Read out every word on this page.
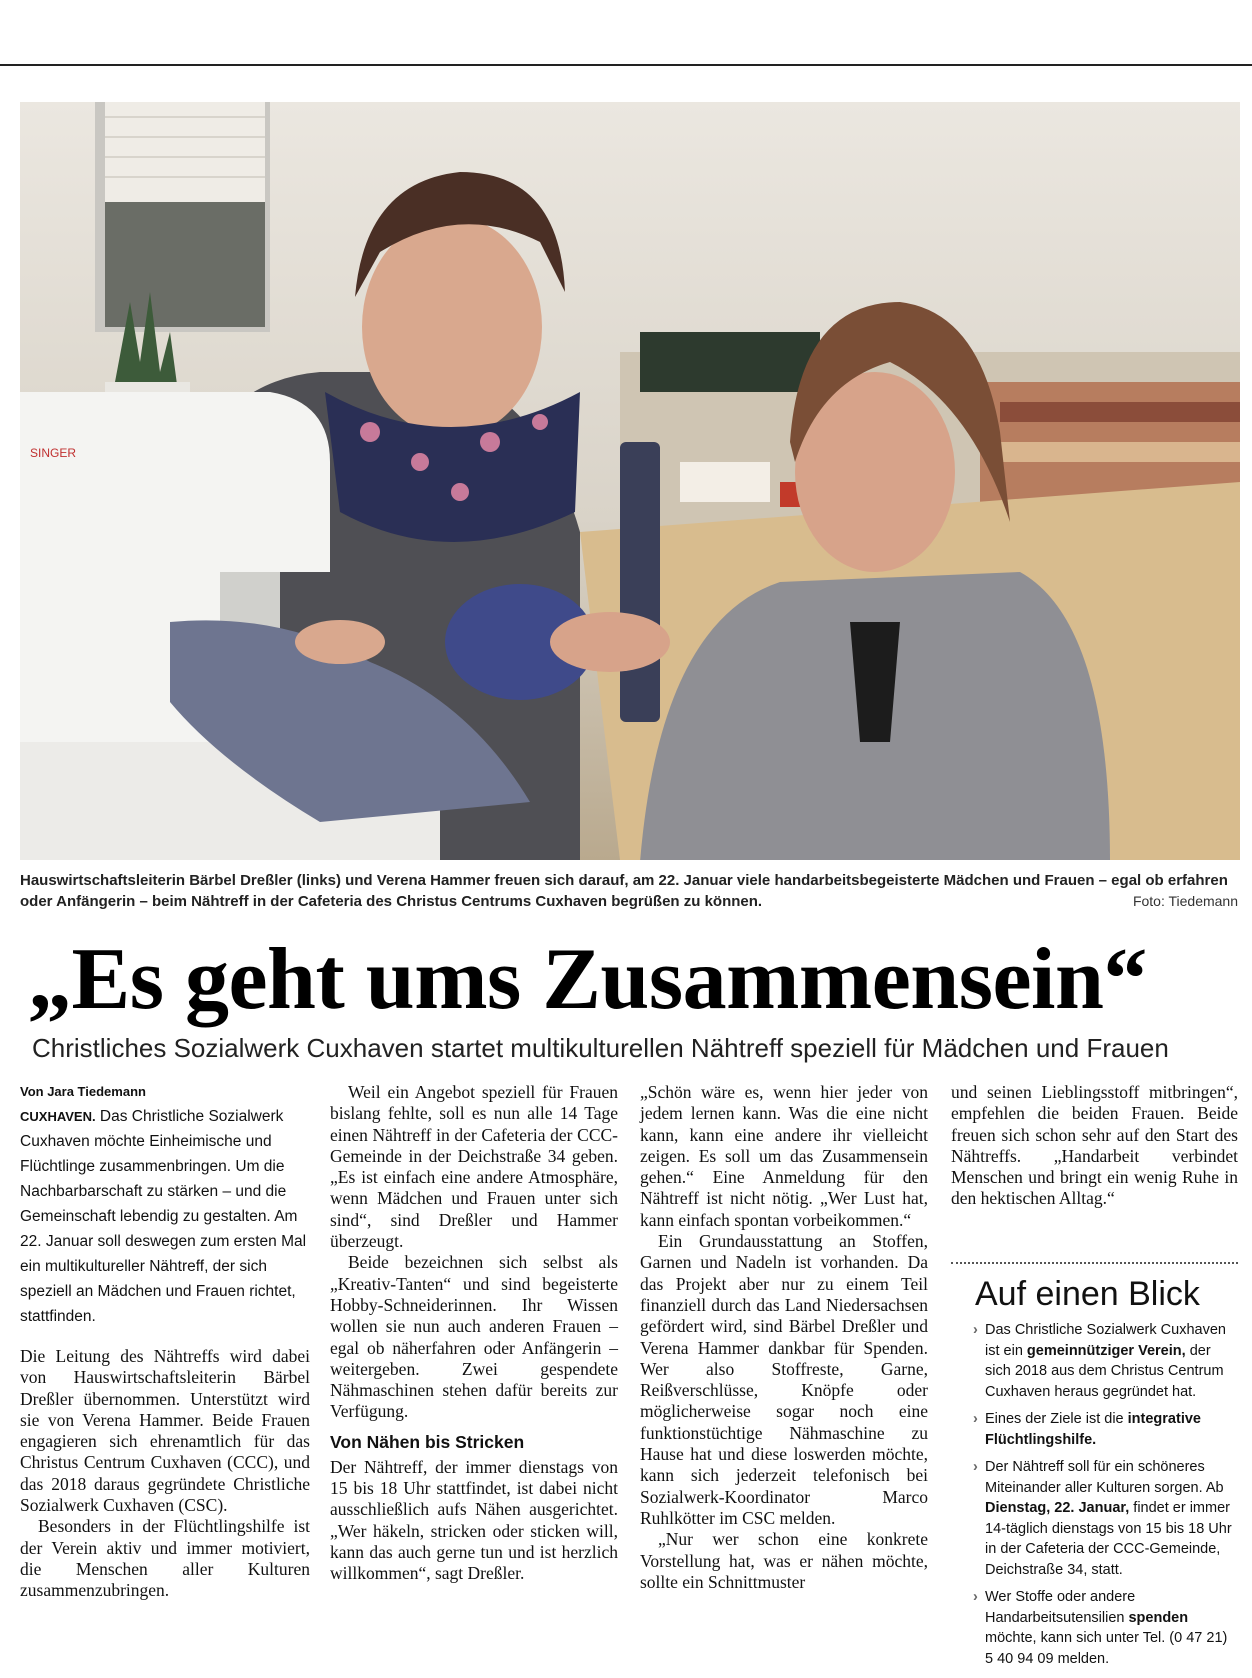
SINGER
Hauswirtschaftsleiterin Bärbel Dreßler (links) und Verena Hammer freuen sich darauf, am 22. Januar viele handarbeitsbegeisterte Mädchen und Frauen – egal ob erfahren oder Anfängerin – beim Nähtreff in der Cafeteria des Christus Centrums Cuxhaven begrüßen zu können.	Foto: Tiedemann
„Es geht ums Zusammensein“
Christliches Sozialwerk Cuxhaven startet multikulturellen Nähtreff speziell für Mädchen und Frauen
Von Jara Tiedemann
CUXHAVEN. Das Christliche Sozialwerk Cuxhaven möchte Einheimische und Flüchtlinge zusammenbringen. Um die Nachbarbarschaft zu stärken – und die Gemeinschaft lebendig zu gestalten. Am 22. Januar soll deswegen zum ersten Mal ein multikultureller Nähtreff, der sich speziell an Mädchen und Frauen richtet, stattfinden.

Die Leitung des Nähtreffs wird dabei von Hauswirtschaftsleiterin Bärbel Dreßler übernommen. Unterstützt wird sie von Verena Hammer. Beide Frauen engagieren sich ehrenamtlich für das Christus Centrum Cuxhaven (CCC), und das 2018 daraus gegründete Christliche Sozialwerk Cuxhaven (CSC).

Besonders in der Flüchtlingshilfe ist der Verein aktiv und immer motiviert, die Menschen aller Kulturen zusammenzubringen.

Weil ein Angebot speziell für Frauen bislang fehlte, soll es nun alle 14 Tage einen Nähtreff in der Cafeteria der CCC-Gemeinde in der Deichstraße 34 geben. „Es ist einfach eine andere Atmosphäre, wenn Mädchen und Frauen unter sich sind“, sind Dreßler und Hammer überzeugt.

Beide bezeichnen sich selbst als „Kreativ-Tanten“ und sind begeisterte Hobby-Schneiderinnen. Ihr Wissen wollen sie nun auch anderen Frauen – egal ob näherfahren oder Anfängerin – weitergeben. Zwei gespendete Nähmaschinen stehen dafür bereits zur Verfügung.

Von Nähen bis Stricken

Der Nähtreff, der immer dienstags von 15 bis 18 Uhr stattfindet, ist dabei nicht ausschließlich aufs Nähen ausgerichtet. „Wer häkeln, stricken oder sticken will, kann das auch gerne tun und ist herzlich willkommen“, sagt Dreßler.

„Schön wäre es, wenn hier jeder von jedem lernen kann. Was die eine nicht kann, kann eine andere ihr vielleicht zeigen. Es soll um das Zusammensein gehen.“ Eine Anmeldung für den Nähtreff ist nicht nötig. „Wer Lust hat, kann einfach spontan vorbeikommen.“

Ein Grundausstattung an Stoffen, Garnen und Nadeln ist vorhanden. Da das Projekt aber nur zu einem Teil finanziell durch das Land Niedersachsen gefördert wird, sind Bärbel Dreßler und Verena Hammer dankbar für Spenden. Wer also Stoffreste, Garne, Reißverschlüsse, Knöpfe oder möglicherweise sogar noch eine funktionstüchtige Nähmaschine zu Hause hat und diese loswerden möchte, kann sich jederzeit telefonisch bei Sozialwerk-Koordinator Marco Ruhlkötter im CSC melden.

„Nur wer schon eine konkrete Vorstellung hat, was er nähen möchte, sollte ein Schnittmuster

und seinen Lieblingsstoff mitbringen“, empfehlen die beiden Frauen. Beide freuen sich schon sehr auf den Start des Nähtreffs. „Handarbeit verbindet Menschen und bringt ein wenig Ruhe in den hektischen Alltag.“

Auf einen Blick
› Das Christliche Sozialwerk Cuxhaven ist ein gemeinnütziger Verein, der sich 2018 aus dem Christus Centrum Cuxhaven heraus gegründet hat.
› Eines der Ziele ist die integrative Flüchtlingshilfe.
› Der Nähtreff soll für ein schöneres Miteinander aller Kulturen sorgen. Ab Dienstag, 22. Januar, findet er immer 14-täglich dienstags von 15 bis 18 Uhr in der Cafeteria der CCC-Gemeinde, Deichstraße 34, statt.
› Wer Stoffe oder andere Handarbeitsutensilien spenden möchte, kann sich unter Tel. (0 47 21) 5 40 94 09 melden.
